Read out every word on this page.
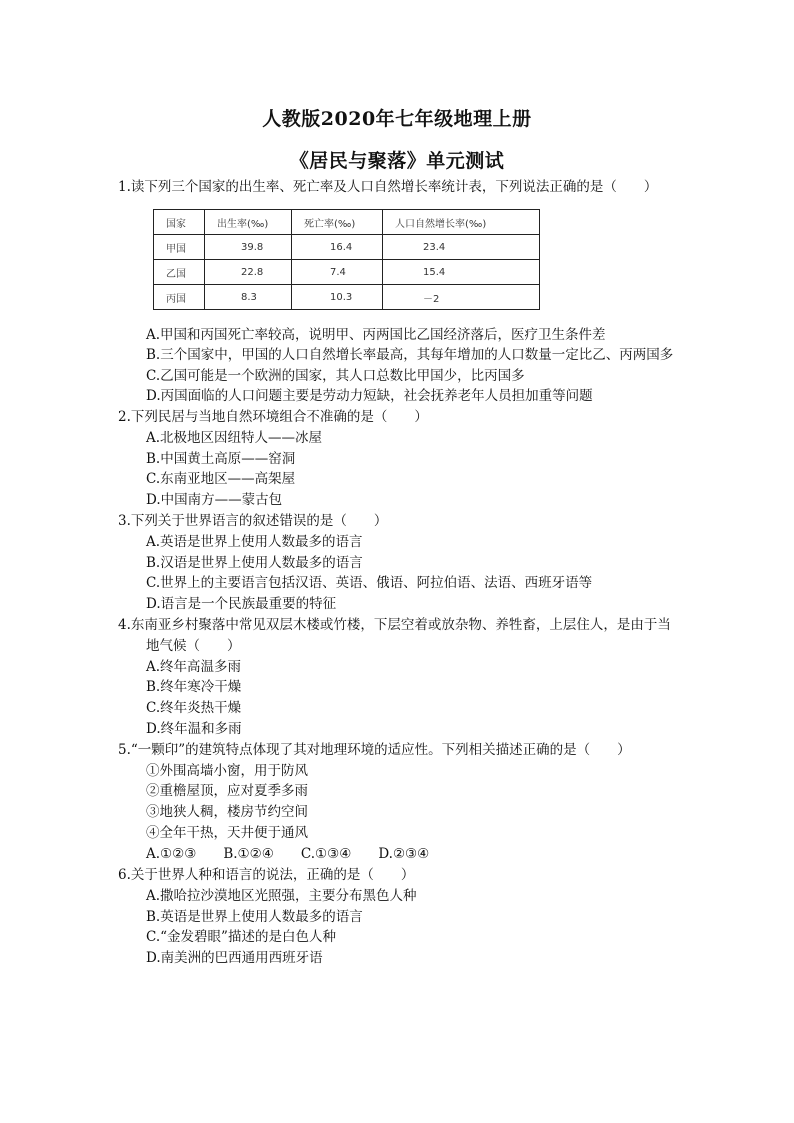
人教版2020年七年级地理上册
《居民与聚落》单元测试
1.读下列三个国家的出生率、死亡率及人口自然增长率统计表，下列说法正确的是（　　）
国家	出生率(‰)	死亡率(‰)	人口自然增长率(‰)
甲国	39.8	16.4	23.4
乙国	22.8	7.4	15.4
丙国	8.3	10.3	－2
A.甲国和丙国死亡率较高，说明甲、丙两国比乙国经济落后，医疗卫生条件差
B.三个国家中，甲国的人口自然增长率最高，其每年增加的人口数量一定比乙、丙两国多
C.乙国可能是一个欧洲的国家，其人口总数比甲国少，比丙国多
D.丙国面临的人口问题主要是劳动力短缺，社会抚养老年人员担加重等问题
2.下列民居与当地自然环境组合不准确的是（　　）
A.北极地区因纽特人——冰屋
B.中国黄土高原——窑洞
C.东南亚地区——高架屋
D.中国南方——蒙古包
3.下列关于世界语言的叙述错误的是（　　）
A.英语是世界上使用人数最多的语言
B.汉语是世界上使用人数最多的语言
C.世界上的主要语言包括汉语、英语、俄语、阿拉伯语、法语、西班牙语等
D.语言是一个民族最重要的特征
4.东南亚乡村聚落中常见双层木楼或竹楼，下层空着或放杂物、养牲畜，上层住人，是由于当
地气候（　　）
A.终年高温多雨
B.终年寒冷干燥
C.终年炎热干燥
D.终年温和多雨
5.“一颗印”的建筑特点体现了其对地理环境的适应性。下列相关描述正确的是（　　）
①外围高墙小窗，用于防风
②重檐屋顶，应对夏季多雨
③地狭人稠，楼房节约空间
④全年干热，天井便于通风
A.①②③　　B.①②④　　C.①③④　　D.②③④
6.关于世界人种和语言的说法，正确的是（　　）
A.撒哈拉沙漠地区光照强，主要分布黑色人种
B.英语是世界上使用人数最多的语言
C.“金发碧眼”描述的是白色人种
D.南美洲的巴西通用西班牙语
